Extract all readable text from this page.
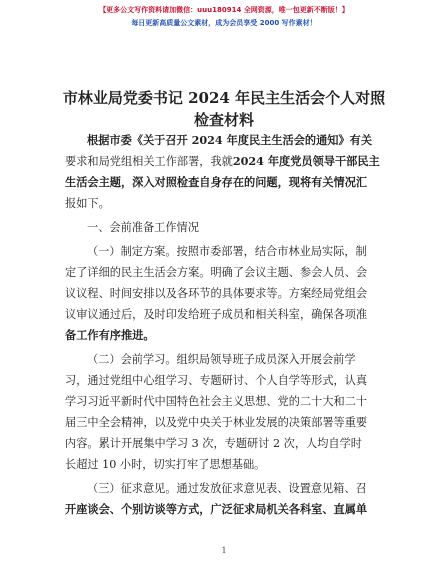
【更多公文写作资料请加微信：uuu180914 全网资源，唯一包更新不断版！】
每日更新高质量公文素材，成为会员享受 2000 写作素材！
市林业局党委书记 2024 年民主生活会个人对照
检查材料

根据市委《关于召开 2024 年度民主生活会的通知》有关
要求和局党组相关工作部署，我就2024 年度党员领导干部民主
生活会主题，深入对照检查自身存在的问题，现将有关情况汇
报如下。

一、会前准备工作情况

（一）制定方案。按照市委部署，结合市林业局实际，制
定了详细的民主生活会方案。明确了会议主题、参会人员、会
议议程、时间安排以及各环节的具体要求等。方案经局党组会
议审议通过后，及时印发给班子成员和相关科室，确保各项准
备工作有序推进。

（二）会前学习。组织局领导班子成员深入开展会前学
习，通过党组中心组学习、专题研讨、个人自学等形式，认真
学习习近平新时代中国特色社会主义思想、党的二十大和二十
届三中全会精神，以及党中央关于林业发展的决策部署等重要
内容。累计开展集中学习 3 次，专题研讨 2 次，人均自学时
长超过 10 小时，切实打牢了思想基础。

（三）征求意见。通过发放征求意见表、设置意见箱、召
开座谈会、个别访谈等方式，广泛征求局机关各科室、直属单

1
